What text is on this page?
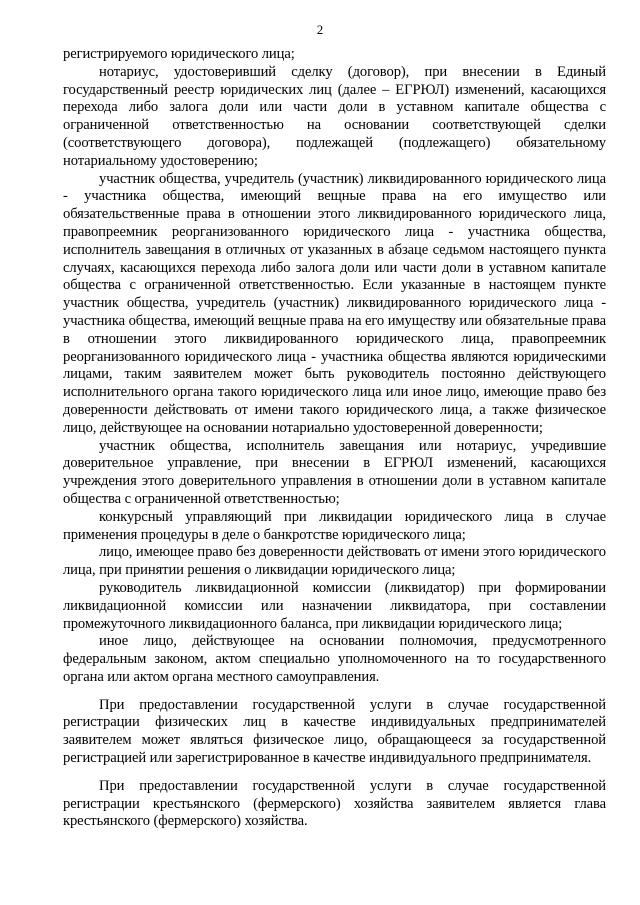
2

регистрируемого юридического лица;

нотариус, удостоверивший сделку (договор), при внесении в Единый государственный реестр юридических лиц (далее – ЕГРЮЛ) изменений, касающихся перехода либо залога доли или части доли в уставном капитале общества с ограниченной ответственностью на основании соответствующей сделки (соответствующего договора), подлежащей (подлежащего) обязательному нотариальному удостоверению;

участник общества, учредитель (участник) ликвидированного юридического лица - участника общества, имеющий вещные права на его имущество или обязательственные права в отношении этого ликвидированного юридического лица, правопреемник реорганизованного юридического лица - участника общества, исполнитель завещания в отличных от указанных в абзаце седьмом настоящего пункта случаях, касающихся перехода либо залога доли или части доли в уставном капитале общества с ограниченной ответственностью. Если указанные в настоящем пункте участник общества, учредитель (участник) ликвидированного юридического лица - участника общества, имеющий вещные права на его имуществу или обязательные права в отношении этого ликвидированного юридического лица, правопреемник реорганизованного юридического лица - участника общества являются юридическими лицами, таким заявителем может быть руководитель постоянно действующего исполнительного органа такого юридического лица или иное лицо, имеющие право без доверенности действовать от имени такого юридического лица, а также физическое лицо, действующее на основании нотариально удостоверенной доверенности;

участник общества, исполнитель завещания или нотариус, учредившие доверительное управление, при внесении в ЕГРЮЛ изменений, касающихся учреждения этого доверительного управления в отношении доли в уставном капитале общества с ограниченной ответственностью;

конкурсный управляющий при ликвидации юридического лица в случае применения процедуры в деле о банкротстве юридического лица;

лицо, имеющее право без доверенности действовать от имени этого юридического лица, при принятии решения о ликвидации юридического лица;

руководитель ликвидационной комиссии (ликвидатор) при формировании ликвидационной комиссии или назначении ликвидатора, при составлении промежуточного ликвидационного баланса, при ликвидации юридического лица;

иное лицо, действующее на основании полномочия, предусмотренного федеральным законом, актом специально уполномоченного на то государственного органа или актом органа местного самоуправления.

При предоставлении государственной услуги в случае государственной регистрации физических лиц в качестве индивидуальных предпринимателей заявителем может являться физическое лицо, обращающееся за государственной регистрацией или зарегистрированное в качестве индивидуального предпринимателя.

При предоставлении государственной услуги в случае государственной регистрации крестьянского (фермерского) хозяйства заявителем является глава крестьянского (фермерского) хозяйства.
